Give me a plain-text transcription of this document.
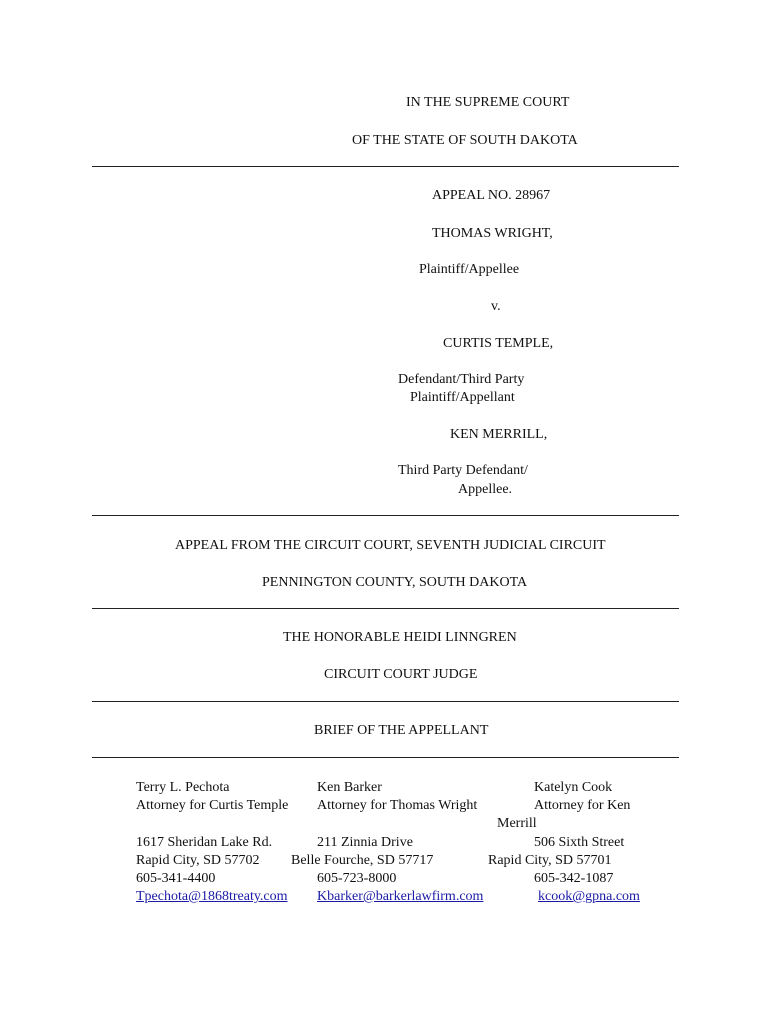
IN THE SUPREME COURT
OF THE STATE OF SOUTH DAKOTA
APPEAL NO. 28967
THOMAS WRIGHT,
Plaintiff/Appellee
v.
CURTIS TEMPLE,
Defendant/Third Party
Plaintiff/Appellant
KEN MERRILL,
Third Party Defendant/
Appellee.
APPEAL FROM THE CIRCUIT COURT, SEVENTH JUDICIAL CIRCUIT
PENNINGTON COUNTY, SOUTH DAKOTA
THE HONORABLE HEIDI LINNGREN
CIRCUIT COURT JUDGE
BRIEF OF THE APPELLANT
Terry L. Pechota
Attorney for Curtis Temple
1617 Sheridan Lake Rd.
Rapid City, SD 57702
605-341-4400
Tpechota@1868treaty.com
Ken Barker
Attorney for Thomas Wright
211 Zinnia Drive
Belle Fourche, SD 57717
605-723-8000
Kbarker@barkerlawfirm.com
Katelyn Cook
Attorney for Ken
Merrill
506 Sixth Street
Rapid City, SD 57701
605-342-1087
kcook@gpna.com
